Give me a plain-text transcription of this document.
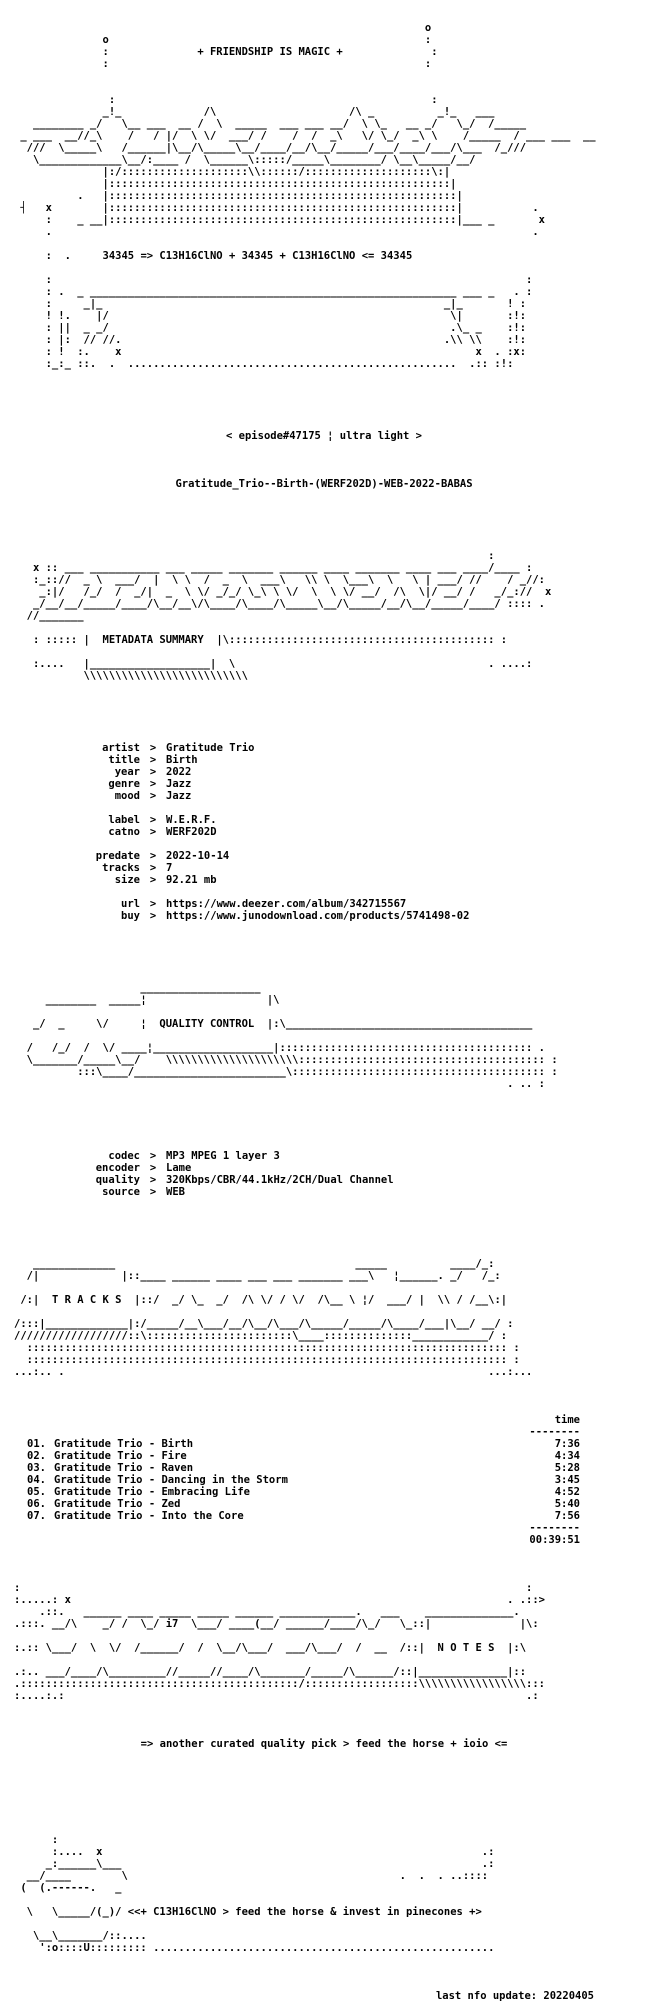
o
o                                                  :
:	+ FRIENDSHIP IS MAGIC +	:
:                                                  :

:                                                  :
_!_             /\                     /\ _          _!_   ___
________ _/   \__ ___  __ /  \  _____  ___ ___ __/  \ \_   __ _/   \_/  /_____
_ ___  __//_\    /   / |/  \ \/  ___/ /    /  /  _\   \/ \_/  _\ \    /_____  / ___ ___  __
///  \_____\   /______|\__/\_____\__/____/__/\__/_____/___/____/___/\___  /_///
\_____________\__/:____ /  \______\:::::/_____\________/ \__\_____/__/
|:/::::::::::::::::::::\\::::::/::::::::::::::::::::\:|
|::::::::::::::::::::::::::::::::::::::::::::::::::::::|
.   |:::::::::::::::::::::::::::::::::::::::::::::::::::::::|
┤   x        |:::::::::::::::::::::::::::::::::::::::::::::::::::::::|           .
:    _ __|:::::::::::::::::::::::::::::::::::::::::::::::::::::::|___ _       x
.                                                                            .

:  .     34345 => C13H16ClNO + 34345 + C13H16ClNO <= 34345

:                                                                           :
: .  _ __________________________________________________________ ___ _   . :
:     _|_                                                      _|_       ! :
! !.    |/                                                      \|       :!:
: ||  _ _/                                                      .\_ _    :!:
: |:  // //.                                                   .\\ \\    :!:
: !  :.    x                                                        x  . :x:
:_:_ ::.  .  ....................................................  .:: :!:

< episode#47175 ¦ ultra light >

Gratitude_Trio--Birth-(WERF202D)-WEB-2022-BABAS

:
x :: ___ ___________ ___ _____ _______ ______ ____ _______ ____ ___ ____/____ :
:_:://  _ \  ___/  |  \ \  /  _  \  ___\   \\ \  \___\  \   \ | ___/ //    / _//:
_:|/   /_/  /  _/|  _  \ \/ _/_/ \_\ \ \/  \  \ \/ __/  /\  \|/ __/ /   _/_://  x
_/__/__/_____/____/\__/__\/\____/\____/\_____\__/\_____/__/\__/_____/____/ :::: .
//_______

: ::::: |  METADATA SUMMARY  |\:::::::::::::::::::::::::::::::::::::::::: :

:....   |___________________|  \                                        . ....:
\\\\\\\\\\\\\\\\\\\\\\\\\\

artist > Gratitude Trio
title > Birth
year > 2022
genre > Jazz
mood > Jazz
label > W.E.R.F.
catno > WERF202D
predate > 2022-10-14
tracks > 7
size > 92.21 mb
url > https://www.deezer.com/album/342715567
buy > https://www.junodownload.com/products/5741498-02

___________________
________  _____¦                   |\

_/  _     \/     ¦  QUALITY CONTROL  |:\_______________________________________

/   /_/  /  \/ ____¦___________________|:::::::::::::::::::::::::::::::::::::::: .
\_______/_____\__/    \\\\\\\\\\\\\\\\\\\\\::::::::::::::::::::::::::::::::::::::: :
:::\____/________________________\:::::::::::::::::::::::::::::::::::::::: :
. .. :

codec > MP3 MPEG 1 layer 3
encoder > Lame
quality > 320Kbps/CBR/44.1kHz/2CH/Dual Channel
source > WEB

_____________                                      _____          ____/_:
/|             |::____ ______ ____ ___ ___ _______ ___\   ¦______. _/   /_:

/:|  T R A C K S  |::/  _/ \_  _/  /\ \/ / \/  /\__ \ ¦/  ___/ |  \\ / /__\:|

/:::|_____________|:/_____/__\___/__/\__/\___/\_____/_____/\____/___|\__/ __/ :
//////////////////::\:::::::::::::::::::::::\____::::::::::::::____________/ :
:::::::::::::::::::::::::::::::::::::::::::::::::::::::::::::::::::::::::::: :
:::::::::::::::::::::::::::::::::::::::::::::::::::::::::::::::::::::::::::: :
...:.. .                                                                   ...:...

time
--------
01. Gratitude Trio - Birth	7:36
02. Gratitude Trio - Fire	4:34
03. Gratitude Trio - Raven	5:28
04. Gratitude Trio - Dancing in the Storm	3:45
05. Gratitude Trio - Embracing Life	4:52
06. Gratitude Trio - Zed	5:40
07. Gratitude Trio - Into the Core	7:56
--------
00:39:51

:                                                                                :
:.....: x                                                                     . .::>
.::.   ______ ____ _____ _____ ______ ____________.   ___    ______________.
.:::. __/\    _/ /  \_/ i7  \___/ ____(__/ ______/____/\_/   \_::|              |\:

:.:: \___/  \  \/  /______/  /  \__/\___/  ___/\___/  /  __  /::|  N O T E S  |:\

.:.. ___/____/\_________//_____//____/\_______/_____/\______/::|______________|::
.::::::::::::::::::::::::::::::::::::::::::::/::::::::::::::::::\\\\\\\\\\\\\\\\\:::
:....:.:                                                                         .:

=> another curated quality pick > feed the horse + ioio <=

:
:....  x                                                            .:
_:______\___                                                         .:
__/____        \                                           .  .  . ..::::
(  (.------.   _

\   \_____/(_)/ <<+ C13H16ClNO > feed the horse & invest in pinecones +>

\__\_______/::....
':o::::U::::::::: ......................................................

last nfo update: 20220405
